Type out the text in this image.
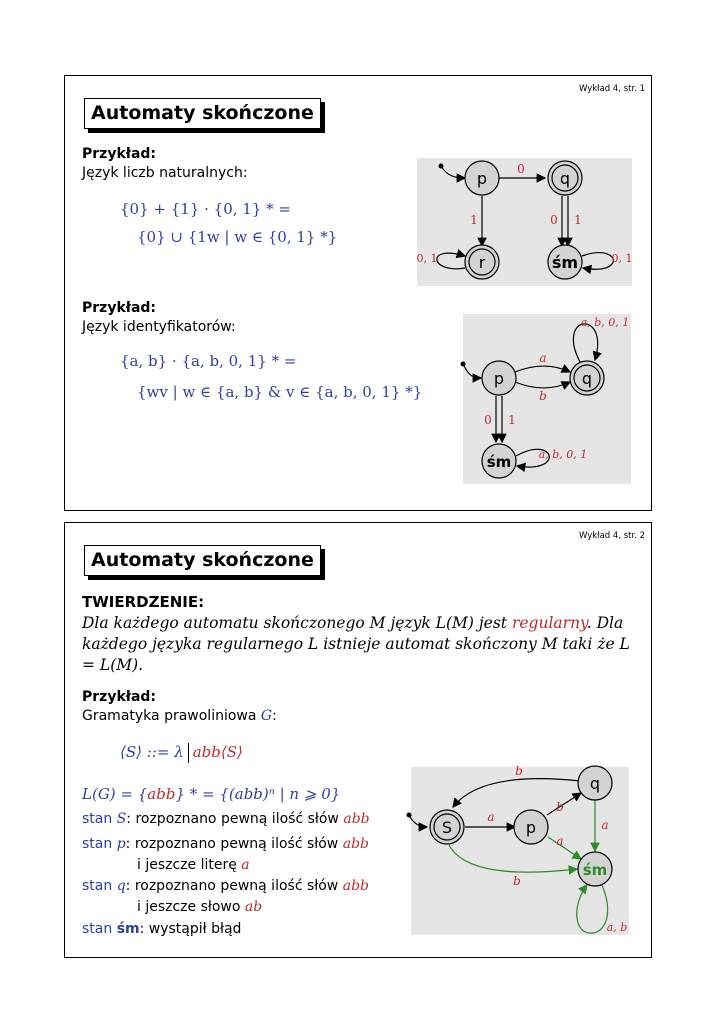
Wykład 4, str. 1
Automaty skończone
Przykład:
Język liczb naturalnych:
{0} + {1} · {0, 1} * =
{0} ∪ {1w | w ∈ {0, 1} *}
Przykład:
Język identyfikatorów:
{a, b} · {a, b, 0, 1} * =
{wv | w ∈ {a, b} & v ∈ {a, b, 0, 1} *}
p	q
r	śm
0
1	0 1
0, 1	0, 1
p	q
śm
a, b, 0, 1
a
b
0 1
a, b, 0, 1
Wykład 4, str. 2
Automaty skończone
TWIERDZENIE:
Dla każdego automatu skończonego M język L(M) jest regularny. Dla każdego języka regularnego L istnieje automat skończony M taki że L = L(M).
Przykład:
Gramatyka prawoliniowa G:
⟨S⟩ ::= λ abb⟨S⟩
L(G) = {abb} * = {(abb)ⁿ | n ⩾ 0}
stan S: rozpoznano pewną ilość słów abb
stan p: rozpoznano pewną ilość słów abb
i jeszcze literę a
stan q: rozpoznano pewną ilość słów abb
i jeszcze słowo ab
stan śm: wystąpił błąd
S	p
q
śm
b
a
b
a
a
b
a, b
